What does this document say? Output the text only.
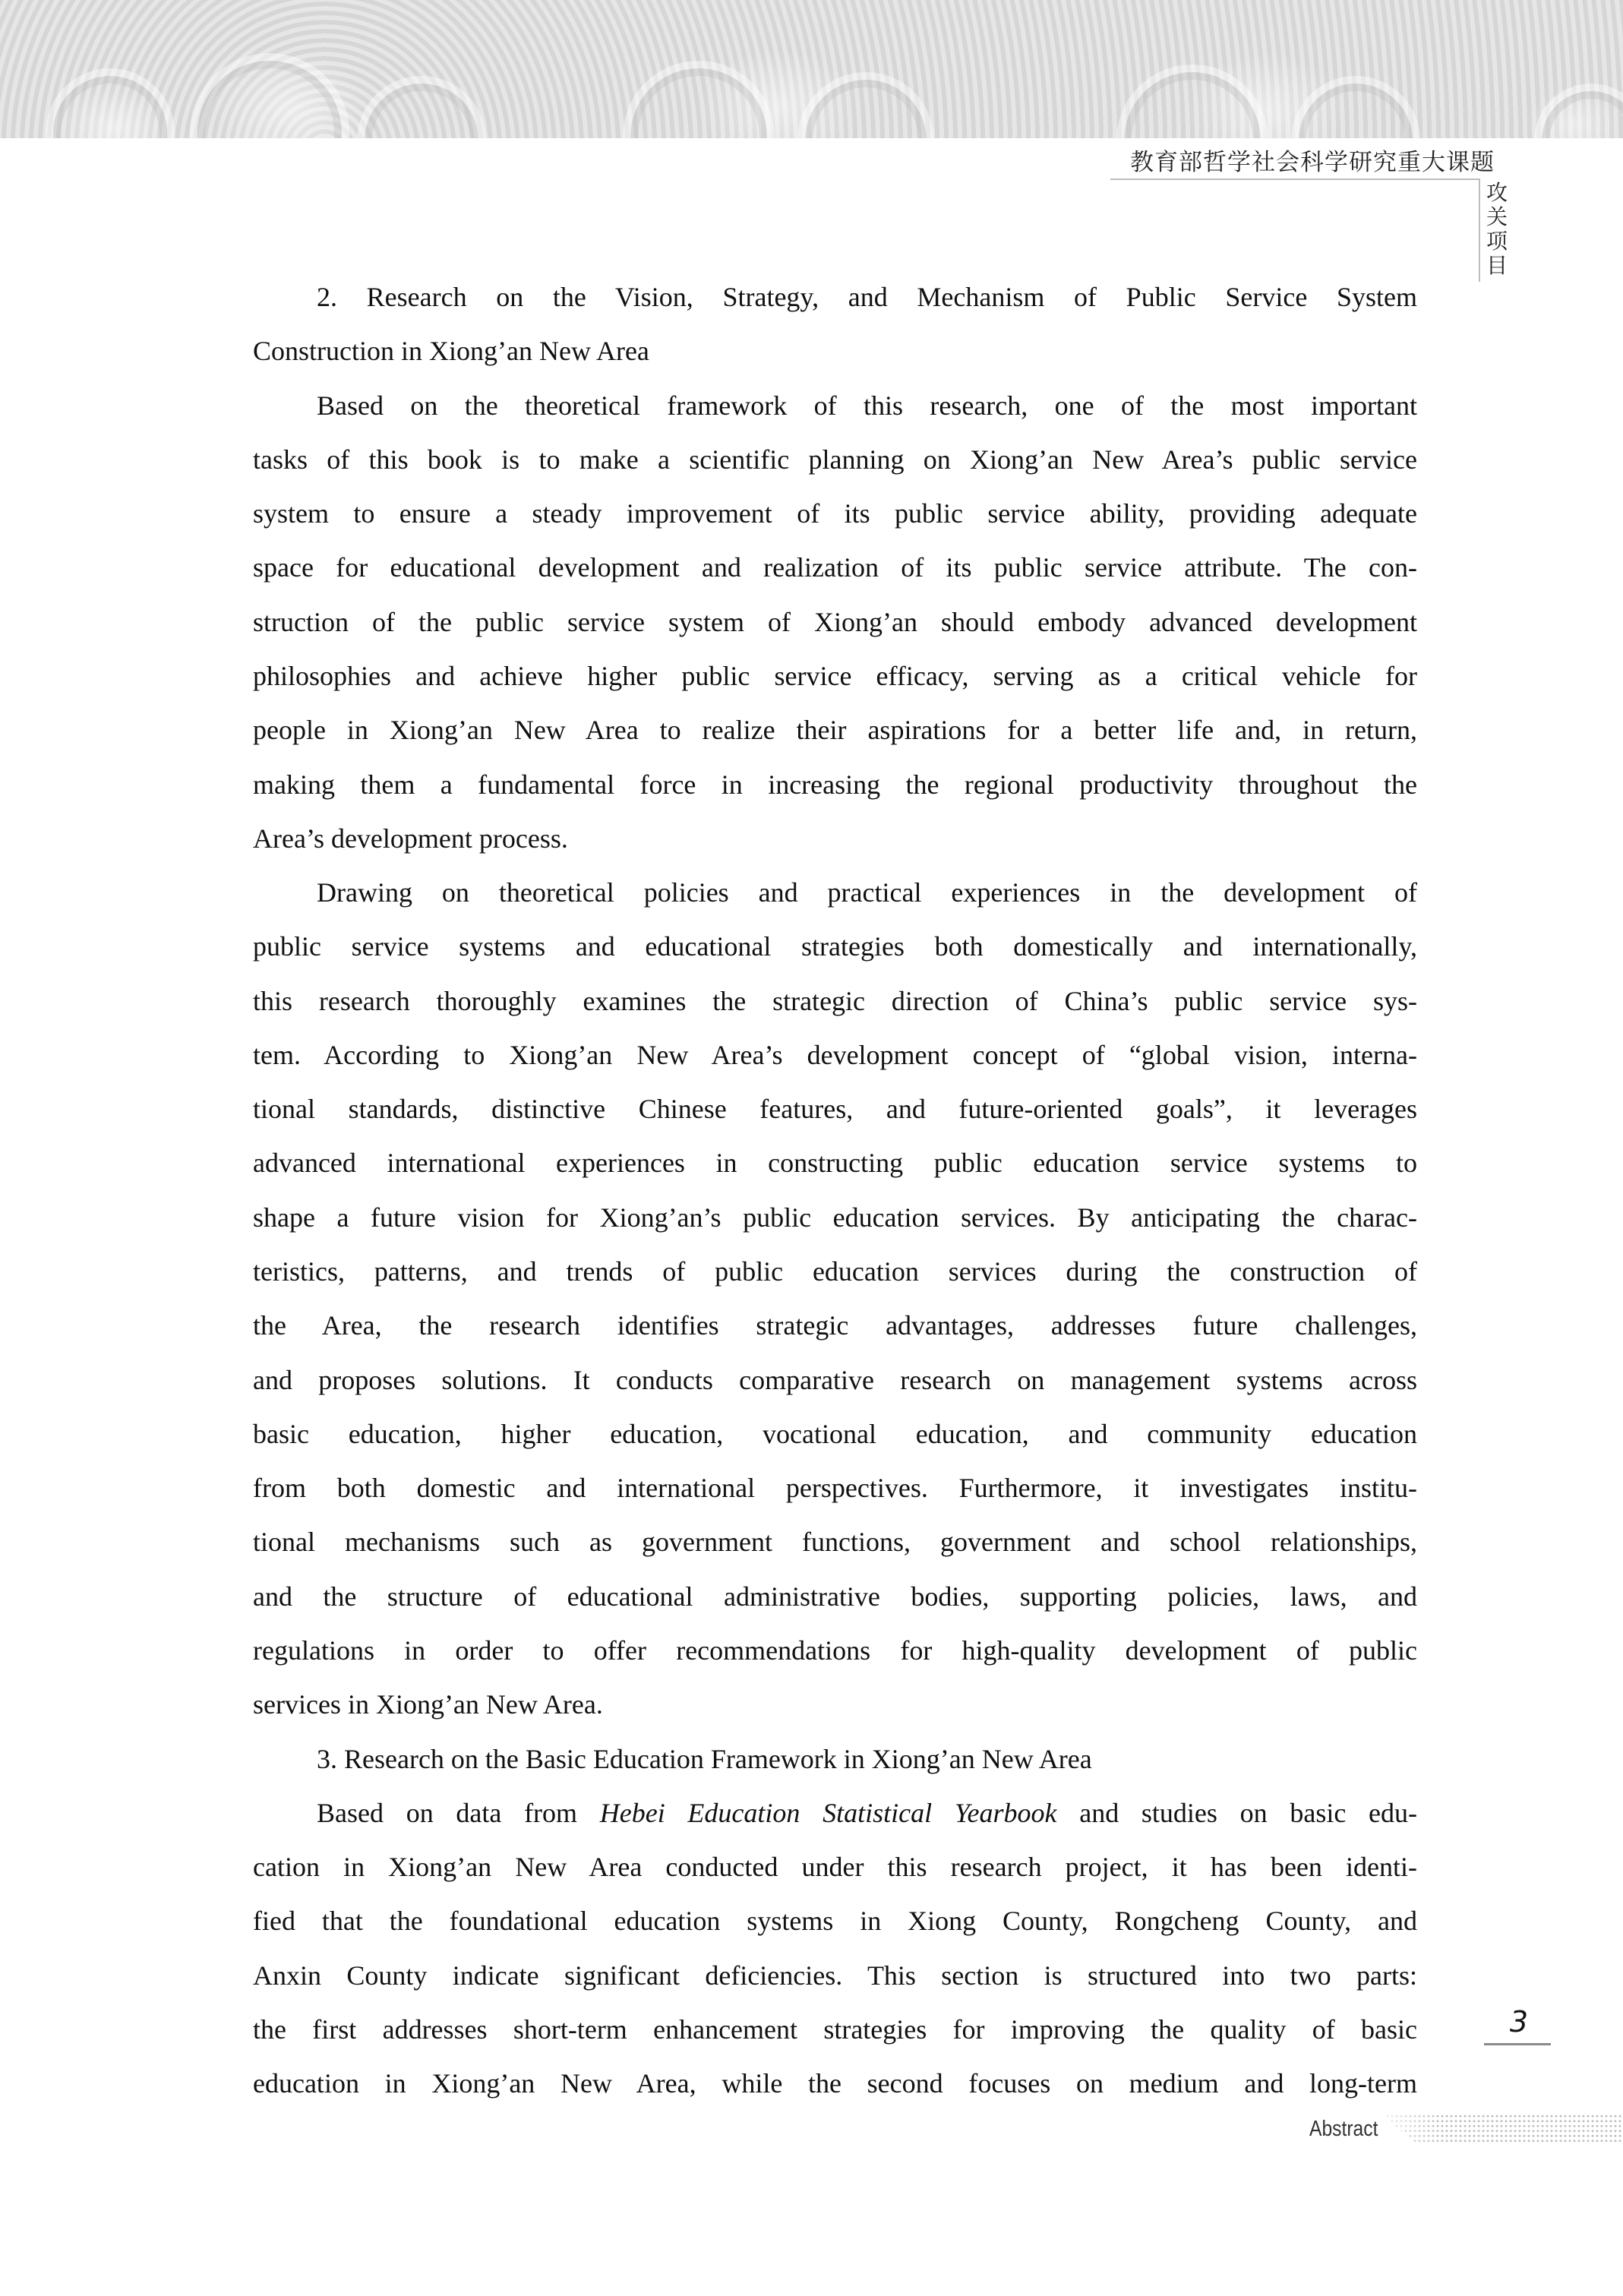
教育部哲学社会科学研究重大课题
攻
关
项
目
2. Research on the Vision, Strategy, and Mechanism of Public Service System
Construction in Xiong’an New Area
Based on the theoretical framework of this research, one of the most important
tasks of this book is to make a scientific planning on Xiong’an New Area’s public service
system to ensure a steady improvement of its public service ability, providing adequate
space for educational development and realization of its public service attribute. The con-
struction of the public service system of Xiong’an should embody advanced development
philosophies and achieve higher public service efficacy, serving as a critical vehicle for
people in Xiong’an New Area to realize their aspirations for a better life and, in return,
making them a fundamental force in increasing the regional productivity throughout the
Area’s development process.
Drawing on theoretical policies and practical experiences in the development of
public service systems and educational strategies both domestically and internationally,
this research thoroughly examines the strategic direction of China’s public service sys-
tem. According to Xiong’an New Area’s development concept of “global vision, interna-
tional standards, distinctive Chinese features, and future-oriented goals”, it leverages
advanced international experiences in constructing public education service systems to
shape a future vision for Xiong’an’s public education services. By anticipating the charac-
teristics, patterns, and trends of public education services during the construction of
the Area, the research identifies strategic advantages, addresses future challenges,
and proposes solutions. It conducts comparative research on management systems across
basic education, higher education, vocational education, and community education
from both domestic and international perspectives. Furthermore, it investigates institu-
tional mechanisms such as government functions, government and school relationships,
and the structure of educational administrative bodies, supporting policies, laws, and
regulations in order to offer recommendations for high-quality development of public
services in Xiong’an New Area.
3. Research on the Basic Education Framework in Xiong’an New Area
Based on data from Hebei Education Statistical Yearbook and studies on basic edu-
cation in Xiong’an New Area conducted under this research project, it has been identi-
fied that the foundational education systems in Xiong County, Rongcheng County, and
Anxin County indicate significant deficiencies. This section is structured into two parts:
the first addresses short-term enhancement strategies for improving the quality of basic
education in Xiong’an New Area, while the second focuses on medium and long-term
3
Abstract
